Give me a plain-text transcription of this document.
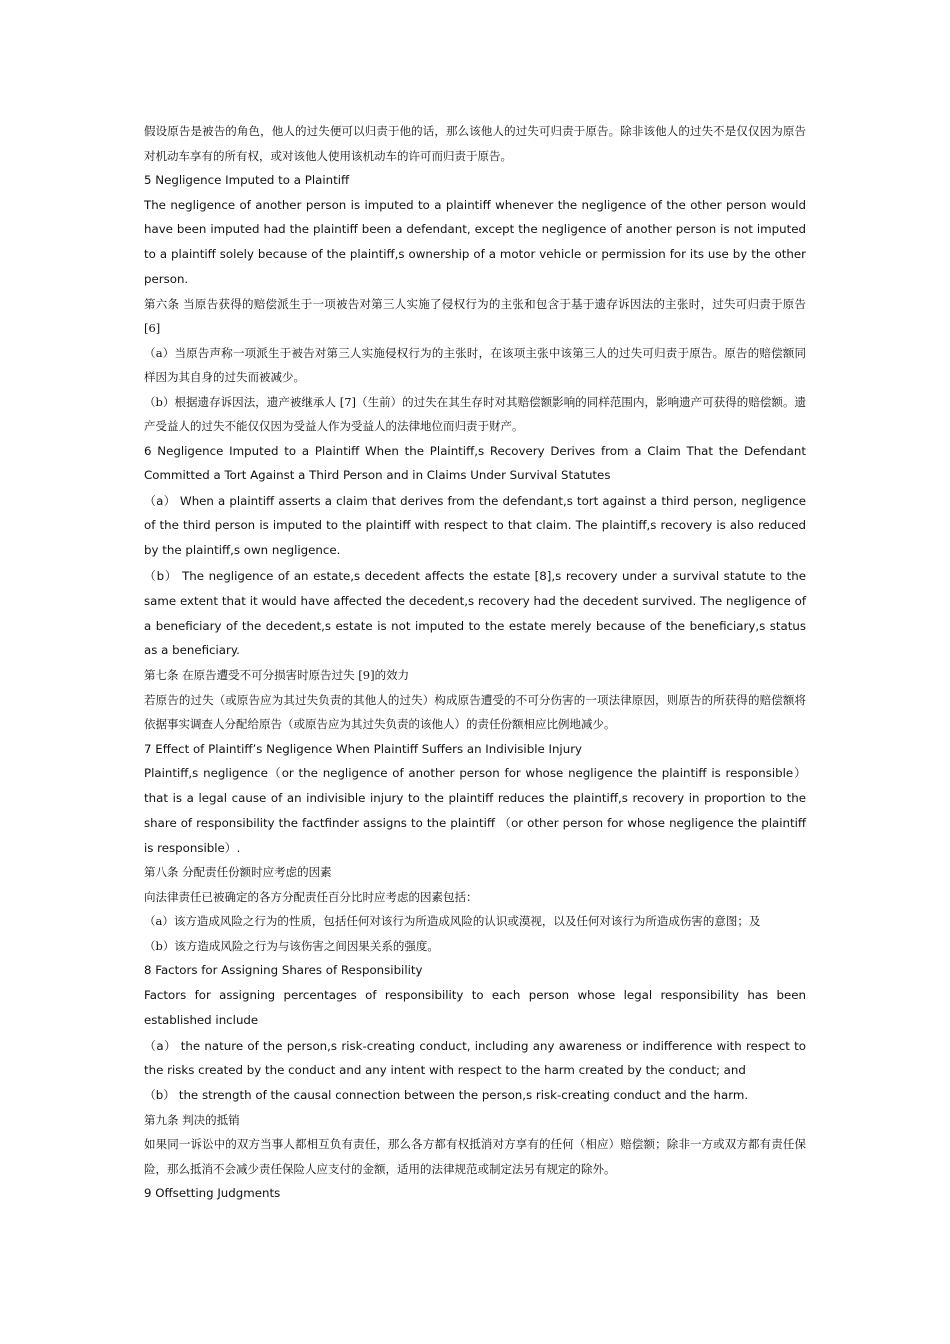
假设原告是被告的角色，他人的过失便可以归责于他的话，那么该他人的过失可归责于原告。除非该他人的过失不是仅仅因为原告对机动车享有的所有权，或对该他人使用该机动车的许可而归责于原告。

5 Negligence Imputed to a Plaintiff

The negligence of another person is imputed to a plaintiff whenever the negligence of the other person would have been imputed had the plaintiff been a defendant, except the negligence of another person is not imputed to a plaintiff solely because of the plaintiff,s ownership of a motor vehicle or permission for its use by the other person.

第六条 当原告获得的赔偿派生于一项被告对第三人实施了侵权行为的主张和包含于基于遗存诉因法的主张时，过失可归责于原告 [6]

（a）当原告声称一项派生于被告对第三人实施侵权行为的主张时，在该项主张中该第三人的过失可归责于原告。原告的赔偿额同样因为其自身的过失而被减少。

（b）根据遗存诉因法，遗产被继承人 [7]（生前）的过失在其生存时对其赔偿额影响的同样范围内，影响遗产可获得的赔偿额。遗产受益人的过失不能仅仅因为受益人作为受益人的法律地位而归责于财产。

6 Negligence Imputed to a Plaintiff When the Plaintiff,s Recovery Derives from a Claim That the Defendant Committed a Tort Against a Third Person and in Claims Under Survival Statutes

（a） When a plaintiff asserts a claim that derives from the defendant,s tort against a third person, negligence of the third person is imputed to the plaintiff with respect to that claim. The plaintiff,s recovery is also reduced by the plaintiff,s own negligence.

（b） The negligence of an estate,s decedent affects the estate [8],s recovery under a survival statute to the same extent that it would have affected the decedent,s recovery had the decedent survived. The negligence of a beneficiary of the decedent,s estate is not imputed to the estate merely because of the beneficiary,s status as a beneficiary.

第七条 在原告遭受不可分损害时原告过失 [9]的效力

若原告的过失（或原告应为其过失负责的其他人的过失）构成原告遭受的不可分伤害的一项法律原因，则原告的所获得的赔偿额将依据事实调查人分配给原告（或原告应为其过失负责的该他人）的责任份额相应比例地减少。

7 Effect of Plaintiff’s Negligence When Plaintiff Suffers an Indivisible Injury

Plaintiff,s negligence（or the negligence of another person for whose negligence the plaintiff is responsible）that is a legal cause of an indivisible injury to the plaintiff reduces the plaintiff,s recovery in proportion to the share of responsibility the factfinder assigns to the plaintiff （or other person for whose negligence the plaintiff is responsible）.

第八条 分配责任份额时应考虑的因素

向法律责任已被确定的各方分配责任百分比时应考虑的因素包括：

（a）该方造成风险之行为的性质，包括任何对该行为所造成风险的认识或漠视，以及任何对该行为所造成伤害的意图；及

（b）该方造成风险之行为与该伤害之间因果关系的强度。

8 Factors for Assigning Shares of Responsibility

Factors for assigning percentages of responsibility to each person whose legal responsibility has been established include

（a） the nature of the person,s risk-creating conduct, including any awareness or indifference with respect to the risks created by the conduct and any intent with respect to the harm created by the conduct; and

（b） the strength of the causal connection between the person,s risk-creating conduct and the harm.

第九条 判决的抵销

如果同一诉讼中的双方当事人都相互负有责任，那么各方都有权抵消对方享有的任何（相应）赔偿额；除非一方或双方都有责任保险，那么抵消不会减少责任保险人应支付的金额，适用的法律规范或制定法另有规定的除外。

9 Offsetting Judgments
